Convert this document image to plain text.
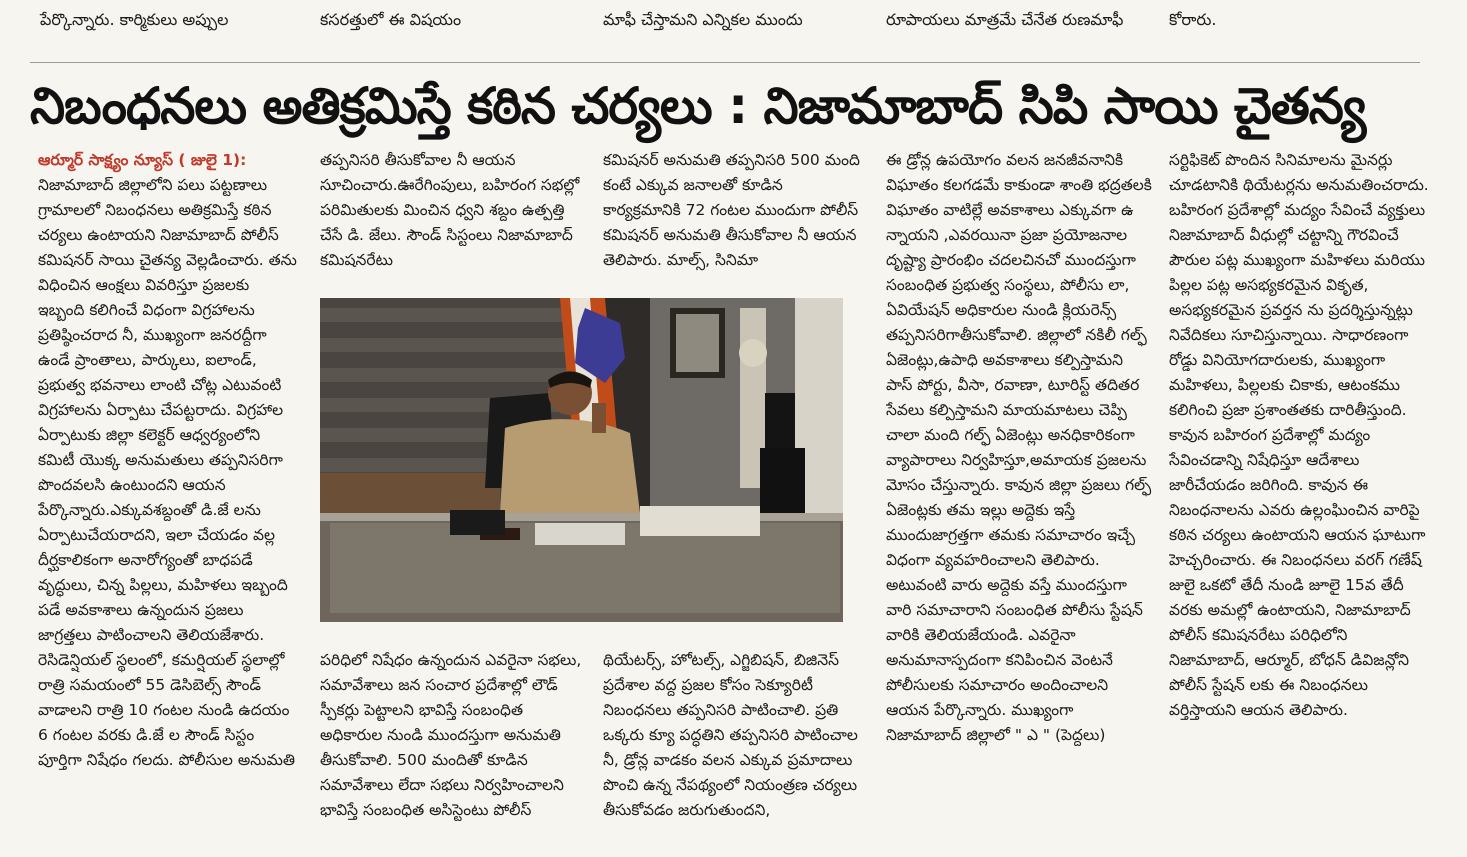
పేర్కొన్నారు. కార్మికులు అప్పుల	కసరత్తులో ఈ విషయం	మాఫీ చేస్తామని ఎన్నికల ముందు	రూపాయలు మాత్రమే చేనేత రుణమాఫీ	కోరారు.
నిబంధనలు అతిక్రమిస్తే కఠిన చర్యలు : నిజామాబాద్ సిపి సాయి చైతన్య

ఆర్మూర్ సాక్ష్యం న్యూస్ ( జులై 1):

నిజామాబాద్ జిల్లాలోని పలు పట్టణాలు గ్రామాలలో నిబంధనలు అతిక్రమిస్తే కఠిన చర్యలు ఉంటాయని నిజామాబాద్ పోలీస్ కమిషనర్ సాయి చైతన్య వెల్లడించారు. తను విధించిన ఆంక్షలు వివరిస్తూ ప్రజలకు ఇబ్బంది కలిగించే విధంగా విగ్రహాలను ప్రతిష్ఠించరాద నీ, ముఖ్యంగా జనరద్దీగా ఉండే ప్రాంతాలు, పార్కులు, ఐలాండ్, ప్రభుత్వ భవనాలు లాంటి చోట్ల ఎటువంటి విగ్రహాలను ఏర్పాటు చేపట్టరాదు. విగ్రహాల ఏర్పాటుకు జిల్లా కలెక్టర్ ఆధ్వర్యంలోని కమిటీ యొక్క అనుమతులు తప్పనిసరిగా పొందవలసి ఉంటుందని ఆయన పేర్కొన్నారు.ఎక్కువశబ్దంతో డి.జే లను ఏర్పాటుచేయరాదని, ఇలా చేయడం వల్ల దీర్ఘకాలికంగా అనారోగ్యంతో బాధపడే వృద్ధులు, చిన్న పిల్లలు, మహిళలు ఇబ్బంది పడే అవకాశాలు ఉన్నందున ప్రజలు జాగ్రత్తలు పాటించాలని తెలియజేశారు. రెసిడెన్షియల్ స్థలంలో, కమర్షియల్ స్థలాల్లో రాత్రి సమయంలో 55 డెసిబెల్స్ సౌండ్ వాడాలని రాత్రి 10 గంటల నుండి ఉదయం 6 గంటల వరకు డి.జే ల సౌండ్ సిస్టం పూర్తిగా నిషేధం గలదు. పోలీసుల అనుమతి

తప్పనిసరి తీసుకోవాల నీ ఆయన సూచించారు.ఊరేగింపులు, బహిరంగ సభల్లో పరిమితులకు మించిన ధ్వని శబ్దం ఉత్పత్తి చేసే డి. జేలు. సౌండ్ సిస్టంలు నిజామాబాద్ కమిషనరేటు

కమిషనర్ అనుమతి తప్పనిసరి 500 మంది కంటే ఎక్కువ జనాలతో కూడిన కార్యక్రమానికి 72 గంటల ముందుగా పోలీస్ కమిషనర్ అనుమతి తీసుకోవాల నీ ఆయన తెలిపారు. మాల్స్, సినిమా

పరిధిలో నిషేధం ఉన్నందున ఎవరైనా సభలు, సమావేశాలు జన సంచార ప్రదేశాల్లో లౌడ్ స్పీకర్లు పెట్టాలని భావిస్తే సంబంధిత అధికారుల నుండి ముందస్తుగా అనుమతి తీసుకోవాలి. 500 మందితో కూడిన సమావేశాలు లేదా సభలు నిర్వహించాలని భావిస్తే సంబంధిత అసిస్టెంటు పోలీస్

థియేటర్స్, హోటల్స్, ఎగ్జిబిషన్, బిజినెస్ ప్రదేశాల వద్ద ప్రజల కోసం సెక్యూరిటీ నిబంధనలు తప్పనిసరి పాటించాలి. ప్రతి ఒక్కరు క్యూ పద్ధతిని తప్పనిసరి పాటించాల నీ, డ్రోన్ల వాడకం వలన ఎక్కువ ప్రమాదాలు పొంచి ఉన్న నేపథ్యంలో నియంత్రణ చర్యలు తీసుకోవడం జరుగుతుందని,

ఈ డ్రోన్ల ఉపయోగం వలన జనజీవనానికి విఘాతం కలగడమే కాకుండా శాంతి భద్రతలకి విఘాతం వాటిల్లే అవకాశాలు ఎక్కువగా ఉ న్నాయని ,ఎవరయినా ప్రజా ప్రయోజనాల దృష్ట్యా ప్రారంభిం చదలచినచో ముందస్తుగా సంబంధిత ప్రభుత్వ సంస్థలు, పోలీసు లా, ఏవియేషన్ అధికారుల నుండి క్లియరెన్స్ తప్పనిసరిగాతీసుకోవాలి. జిల్లాలో నకిలీ గల్ఫ్ ఏజెంట్లు,ఉపాధి అవకాశాలు కల్పిస్తామని పాస్ పోర్టు, వీసా, రవాణా, టూరిస్ట్ తదితర సేవలు కల్పిస్తామని మాయమాటలు చెప్పి చాలా మంది గల్ఫ్ ఏజెంట్లు అనధికారికంగా వ్యాపారాలు నిర్వహిస్తూ,అమాయక ప్రజలను మోసం చేస్తున్నారు. కావున జిల్లా ప్రజలు గల్ఫ్ ఏజెంట్లకు తమ ఇల్లు అద్దెకు ఇస్తే ముందుజాగ్రత్తగా తమకు సమాచారం ఇచ్చే విధంగా వ్యవహరించాలని తెలిపారు. అటువంటి వారు అద్దెకు వస్తే ముందస్తుగా వారి సమాచారాని సంబంధిత పోలీసు స్టేషన్ వారికి తెలియజేయండి. ఎవరైనా అనుమానాస్పదంగా కనిపించిన వెంటనే పోలీసులకు సమాచారం అందించాలని ఆయన పేర్కొన్నారు. ముఖ్యంగా నిజామాబాద్ జిల్లాలో " ఎ " (పెద్దలు)

సర్టిఫికెట్ పొందిన సినిమాలను మైనర్లు చూడటానికి థియేటర్లను అనుమతించరాదు. బహిరంగ ప్రదేశాల్లో మద్యం సేవించే వ్యక్తులు నిజామాబాద్ వీధుల్లో చట్టాన్ని గౌరవించే పౌరుల పట్ల ముఖ్యంగా మహిళలు మరియు పిల్లల పట్ల అసభ్యకరమైన వికృత, అసభ్యకరమైన ప్రవర్తన ను ప్రదర్శిస్తున్నట్లు నివేదికలు సూచిస్తున్నాయి. సాధారణంగా రోడ్డు వినియోగదారులకు, ముఖ్యంగా మహిళలు, పిల్లలకు చికాకు, ఆటంకము కలిగించి ప్రజా ప్రశాంతతకు దారితీస్తుంది. కావున బహిరంగ ప్రదేశాల్లో మద్యం సేవించడాన్ని నిషేధిస్తూ ఆదేశాలు జారీచేయడం జరిగింది. కావున ఈ నిబంధనాలను ఎవరు ఉల్లంఘించిన వారిపై కఠిన చర్యలు ఉంటాయని ఆయన ఘాటుగా హెచ్చరించారు. ఈ నిబంధనలు వరగ్ గణేష్ జులై ఒకటో తేదీ నుండి జూలై 15వ తేదీ వరకు అమల్లో ఉంటాయని, నిజామాబాద్ పోలీస్ కమిషనరేటు పరిధిలోని నిజామాబాద్, ఆర్మూర్, బోధన్ డివిజన్లోని పోలీస్ స్టేషన్ లకు ఈ నిబంధనలు వర్తిస్తాయని ఆయన తెలిపారు.
